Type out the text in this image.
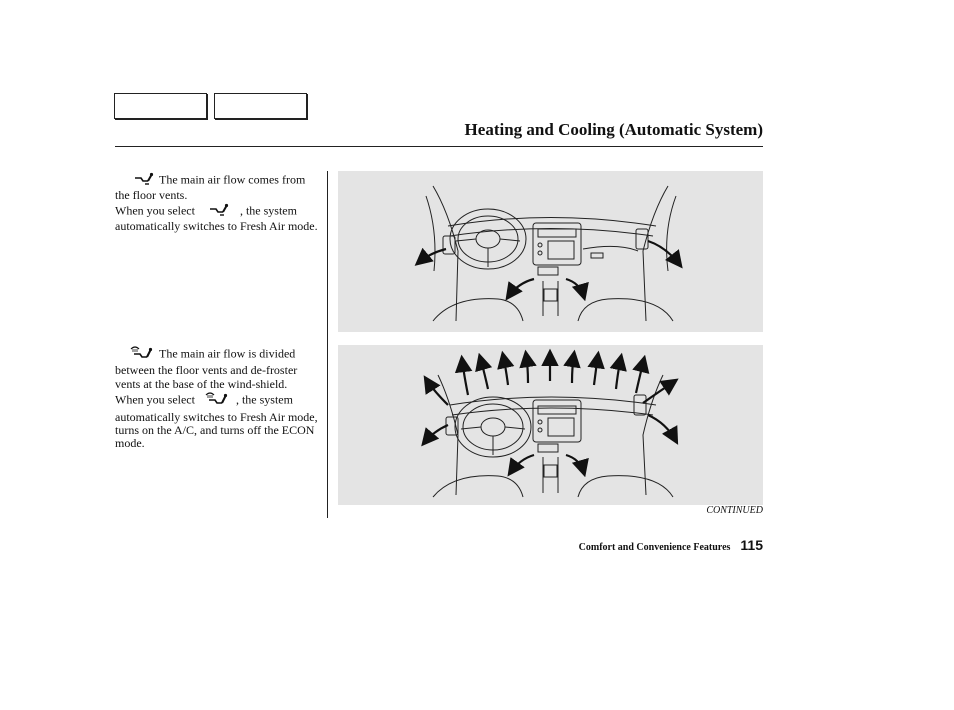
Heating and Cooling (Automatic System)

The main air flow comes from the floor vents.

When you select	, the system automatically switches to Fresh Air mode.

The main air flow is divided between the floor vents and de-froster vents at the base of the wind-shield.

When you select	, the system automatically switches to Fresh Air mode, turns on the A/C, and turns off the ECON mode.

CONTINUED
Comfort and Convenience Features 115
